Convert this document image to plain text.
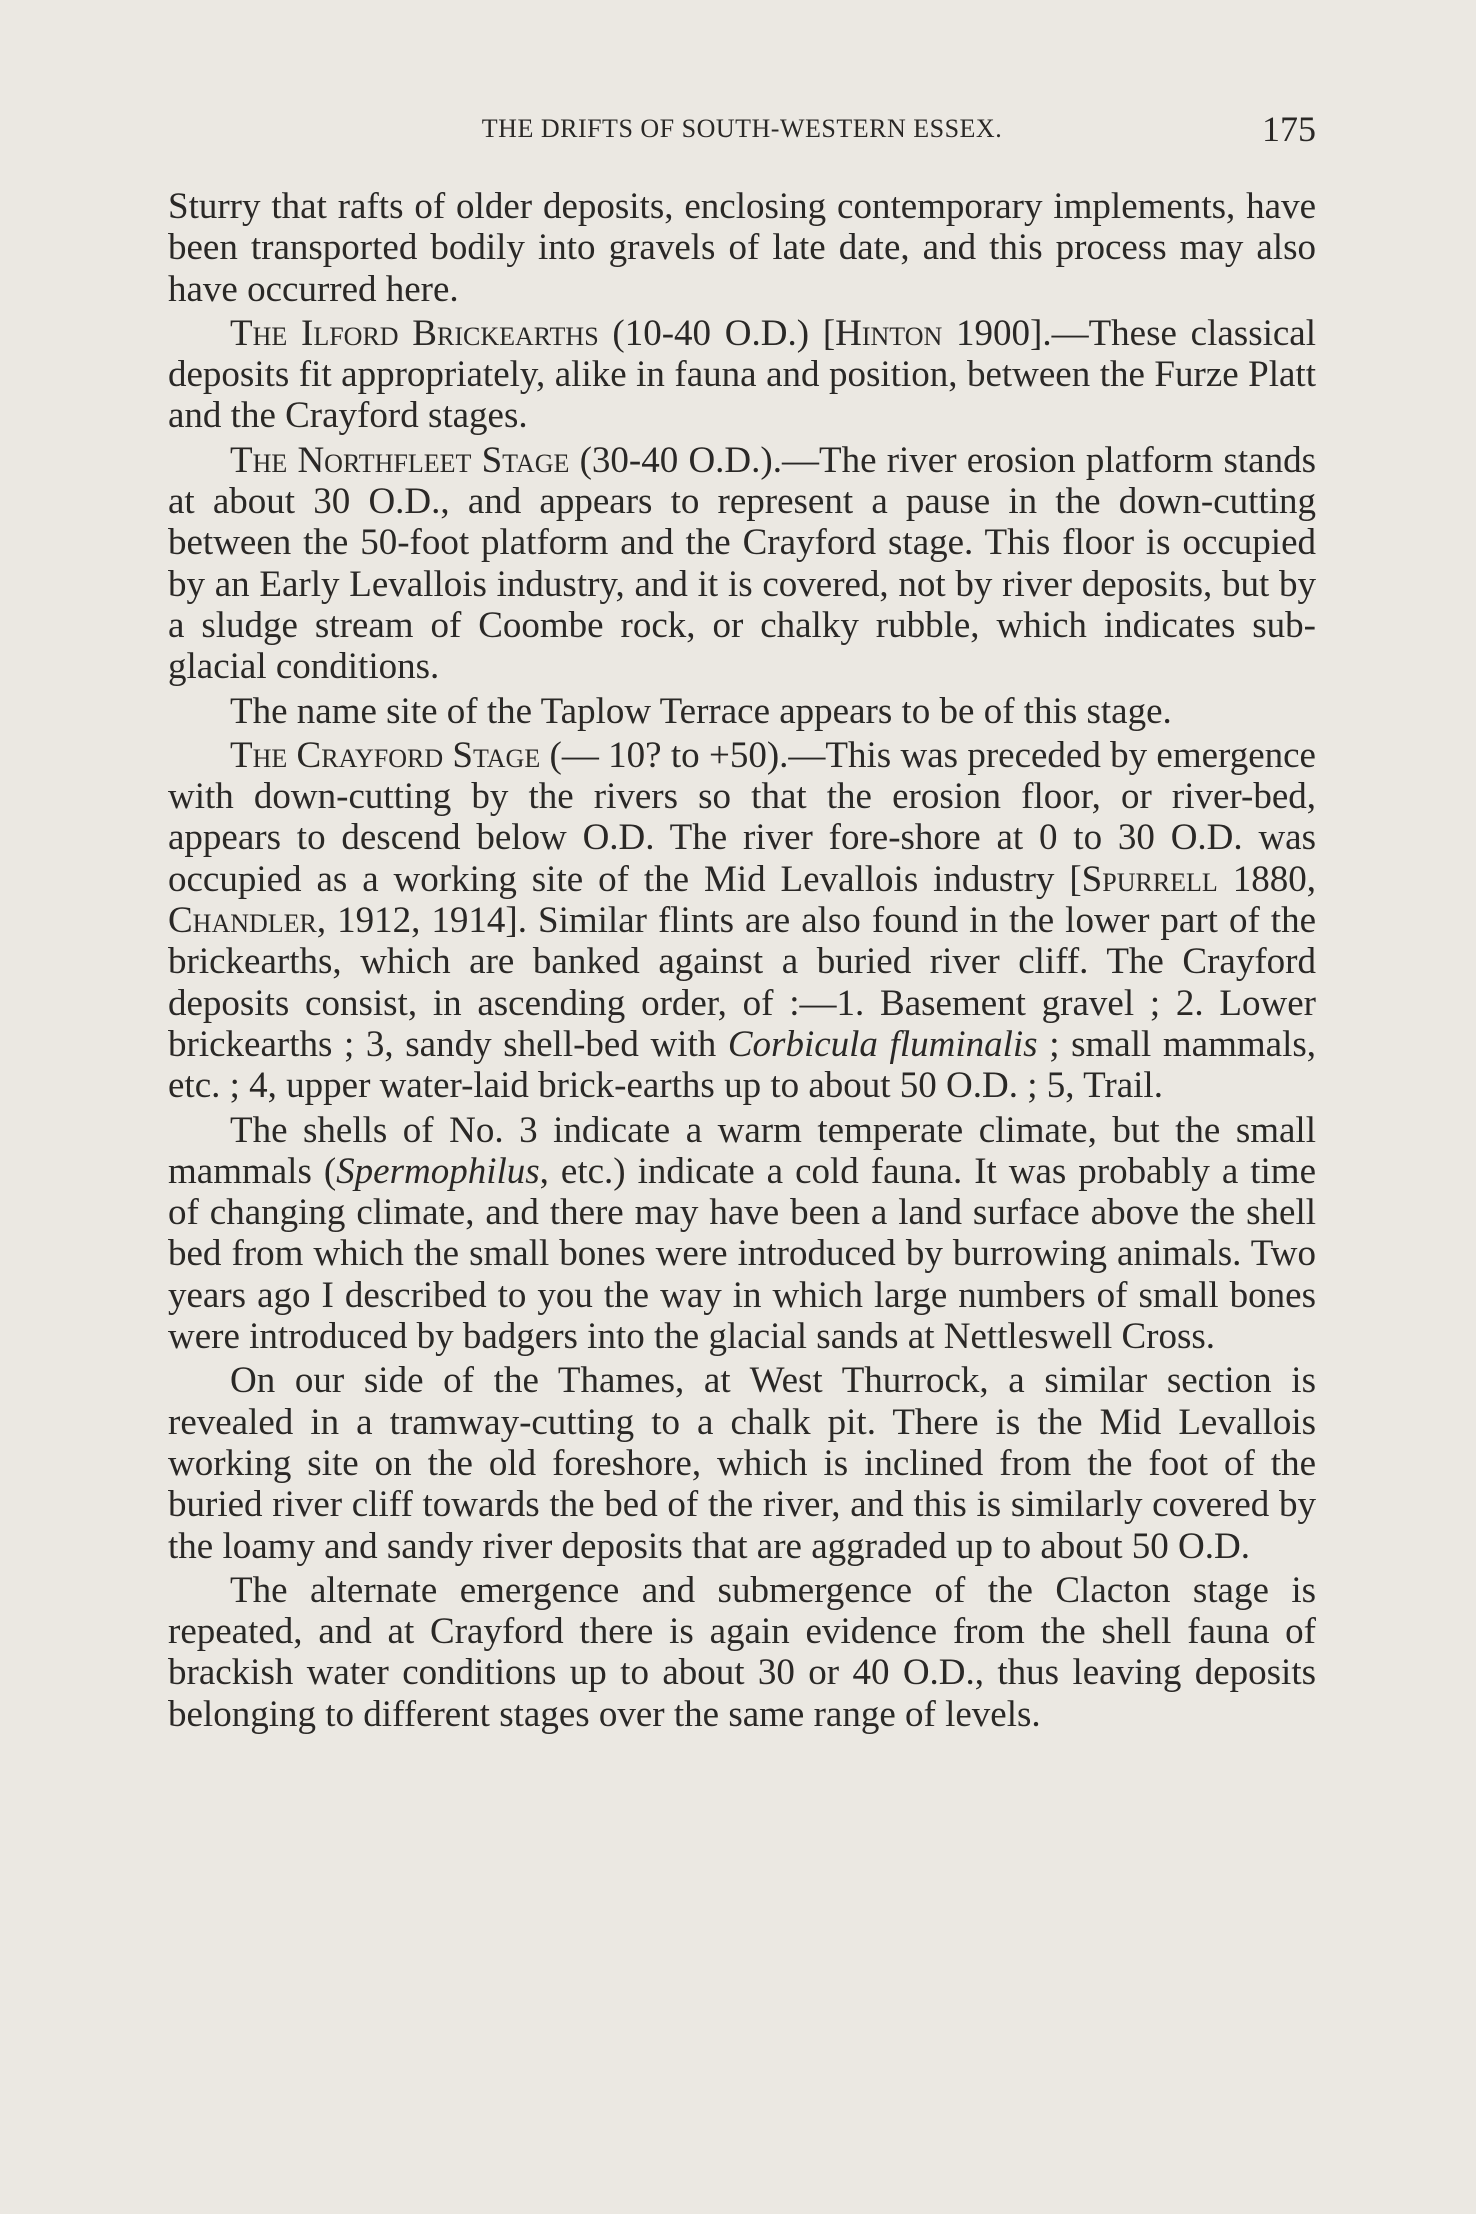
THE DRIFTS OF SOUTH-WESTERN ESSEX.	175

Sturry that rafts of older deposits, enclosing contemporary implements, have been transported bodily into gravels of late date, and this process may also have occurred here.

The Ilford Brickearths (10-40 O.D.) [Hinton 1900].—These classical deposits fit appropriately, alike in fauna and position, between the Furze Platt and the Crayford stages.

The Northfleet Stage (30-40 O.D.).—The river erosion platform stands at about 30 O.D., and appears to represent a pause in the down-cutting between the 50-foot platform and the Crayford stage. This floor is occupied by an Early Levallois industry, and it is covered, not by river deposits, but by a sludge stream of Coombe rock, or chalky rubble, which indicates sub-glacial conditions.

The name site of the Taplow Terrace appears to be of this stage.

The Crayford Stage (— 10? to +50).—This was preceded by emergence with down-cutting by the rivers so that the erosion floor, or river-bed, appears to descend below O.D. The river fore-shore at 0 to 30 O.D. was occupied as a working site of the Mid Levallois industry [Spurrell 1880, Chandler, 1912, 1914]. Similar flints are also found in the lower part of the brickearths, which are banked against a buried river cliff. The Crayford deposits consist, in ascending order, of :—1. Basement gravel ; 2. Lower brickearths ; 3, sandy shell-bed with Corbicula fluminalis ; small mammals, etc. ; 4, upper water-laid brick-earths up to about 50 O.D. ; 5, Trail.

The shells of No. 3 indicate a warm temperate climate, but the small mammals (Spermophilus, etc.) indicate a cold fauna. It was probably a time of changing climate, and there may have been a land surface above the shell bed from which the small bones were introduced by burrowing animals. Two years ago I described to you the way in which large numbers of small bones were introduced by badgers into the glacial sands at Nettleswell Cross.

On our side of the Thames, at West Thurrock, a similar section is revealed in a tramway-cutting to a chalk pit. There is the Mid Levallois working site on the old foreshore, which is inclined from the foot of the buried river cliff towards the bed of the river, and this is similarly covered by the loamy and sandy river deposits that are aggraded up to about 50 O.D.

The alternate emergence and submergence of the Clacton stage is repeated, and at Crayford there is again evidence from the shell fauna of brackish water conditions up to about 30 or 40 O.D., thus leaving deposits belonging to different stages over the same range of levels.
